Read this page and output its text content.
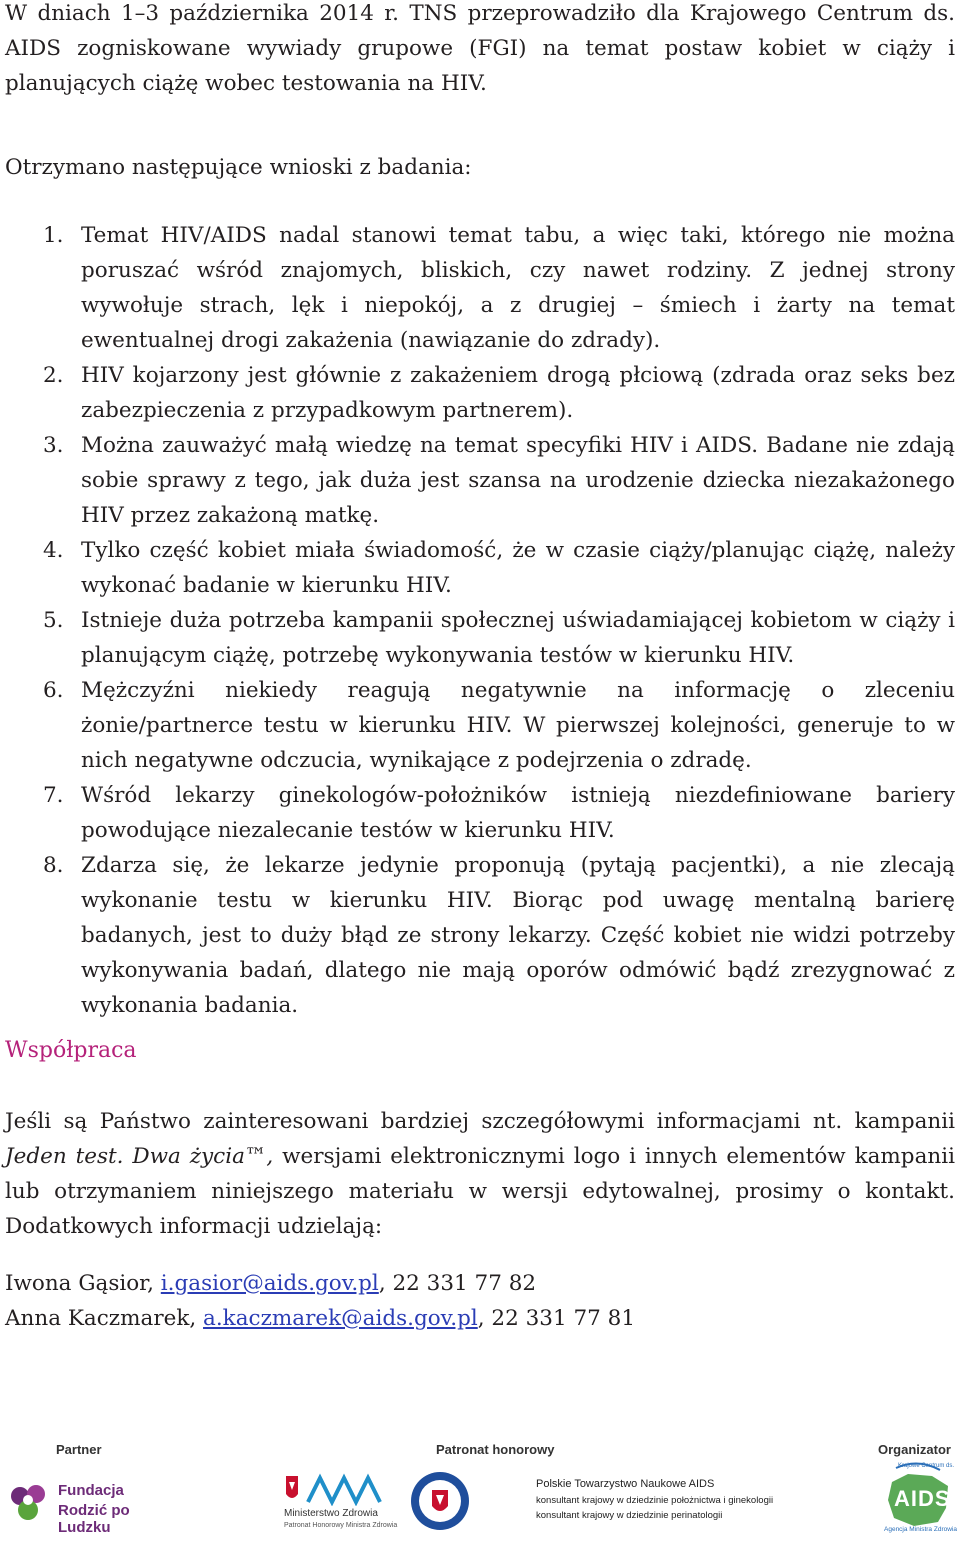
W dniach 1–3 października 2014 r. TNS przeprowadziło dla Krajowego Centrum ds. AIDS zogniskowane wywiady grupowe (FGI) na temat postaw kobiet w ciąży i planujących ciążę wobec testowania na HIV.

Otrzymano następujące wnioski z badania:

1. Temat HIV/AIDS nadal stanowi temat tabu, a więc taki, którego nie można poruszać wśród znajomych, bliskich, czy nawet rodziny. Z jednej strony wywołuje strach, lęk i niepokój, a z drugiej – śmiech i żarty na temat ewentualnej drogi zakażenia (nawiązanie do zdrady).
2. HIV kojarzony jest głównie z zakażeniem drogą płciową (zdrada oraz seks bez zabezpieczenia z przypadkowym partnerem).
3. Można zauważyć małą wiedzę na temat specyfiki HIV i AIDS. Badane nie zdają sobie sprawy z tego, jak duża jest szansa na urodzenie dziecka niezakażonego HIV przez zakażoną matkę.
4. Tylko część kobiet miała świadomość, że w czasie ciąży/planując ciążę, należy wykonać badanie w kierunku HIV.
5. Istnieje duża potrzeba kampanii społecznej uświadamiającej kobietom w ciąży i planującym ciążę, potrzebę wykonywania testów w kierunku HIV.
6. Mężczyźni niekiedy reagują negatywnie na informację o zleceniu żonie/partnerce testu w kierunku HIV. W pierwszej kolejności, generuje to w nich negatywne odczucia, wynikające z podejrzenia o zdradę.
7. Wśród lekarzy ginekologów-położników istnieją niezdefiniowane bariery powodujące niezalecanie testów w kierunku HIV.
8. Zdarza się, że lekarze jedynie proponują (pytają pacjentki), a nie zlecają wykonanie testu w kierunku HIV. Biorąc pod uwagę mentalną barierę badanych, jest to duży błąd ze strony lekarzy. Część kobiet nie widzi potrzeby wykonywania badań, dlatego nie mają oporów odmówić bądź zrezygnować z wykonania badania.
Współpraca

Jeśli są Państwo zainteresowani bardziej szczegółowymi informacjami nt. kampanii Jeden test. Dwa życia™, wersjami elektronicznymi logo i innych elementów kampanii lub otrzymaniem niniejszego materiału w wersji edytowalnej, prosimy o kontakt. Dodatkowych informacji udzielają:

Iwona Gąsior, i.gasior@aids.gov.pl, 22 331 77 82
Anna Kaczmarek, a.kaczmarek@aids.gov.pl, 22 331 77 81
Partner	Patronat honorowy	Organizator
Fundacja
Rodzić po Ludzku
Ministerstwo Zdrowia
Patronat Honorowy Ministra Zdrowia
Polskie Towarzystwo Naukowe AIDS
konsultant krajowy w dziedzinie położnictwa i ginekologii
konsultant krajowy w dziedzinie perinatologii
Krajowe Centrum ds.
AIDS
Agencja Ministra Zdrowia
